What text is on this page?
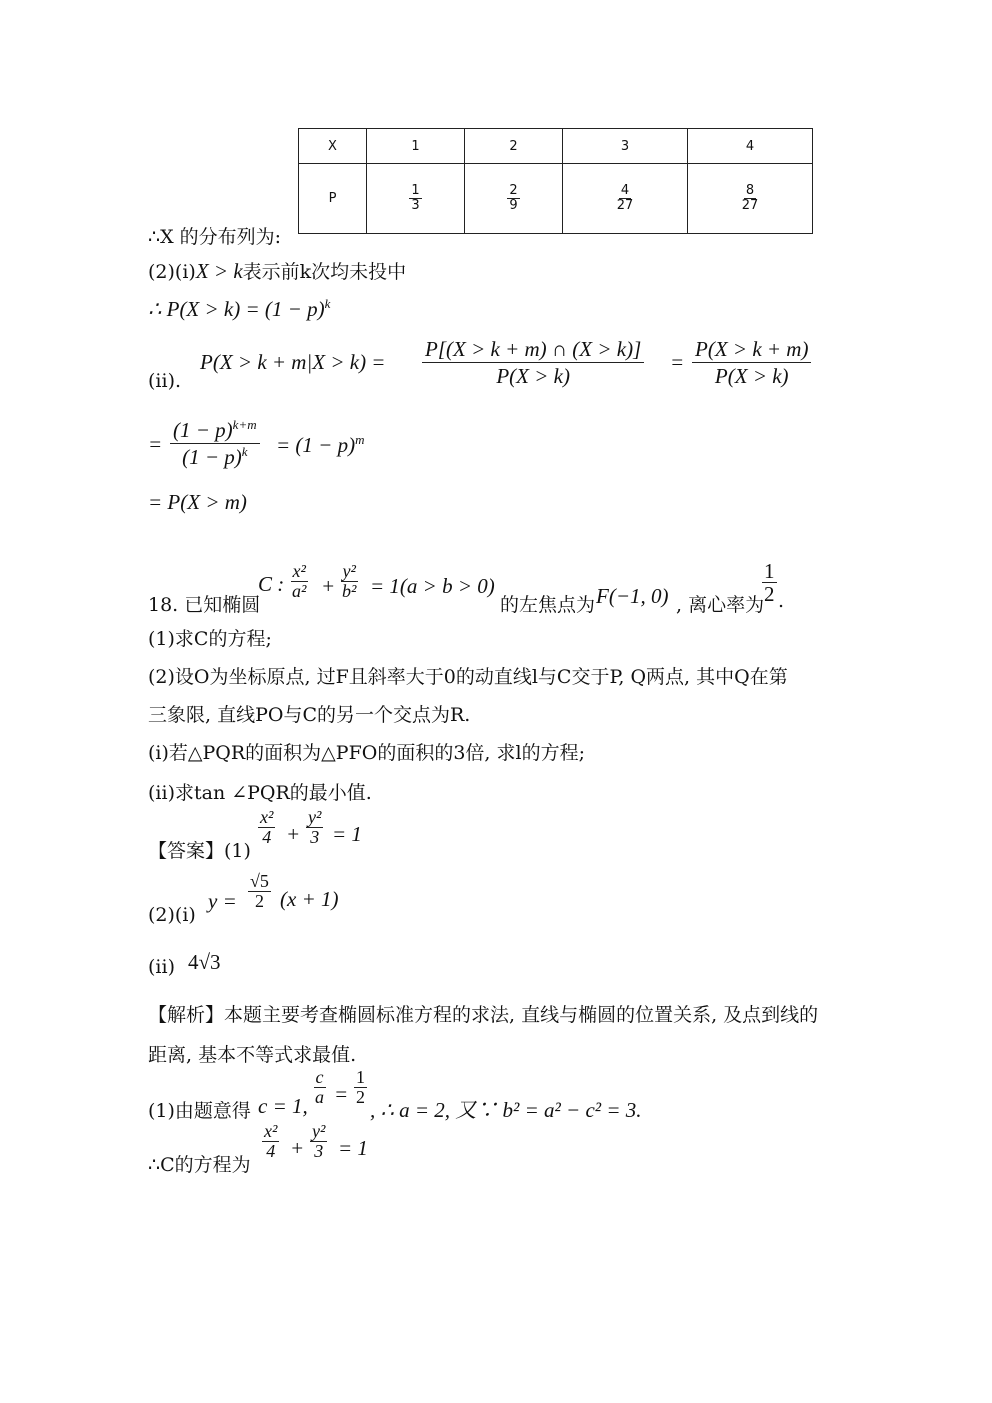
X	1	2	3	4
P	$\frac{1}{3}$	$\frac{2}{9}$	$\frac{4}{27}$	$\frac{8}{27}$
∴X 的分布列为:
(2)(i)X > k表示前k次均未投中
∴ $P(X > k) = (1 - p)^k$
(ii).
$P(X > k + m|X > k) = \frac{P[(X > k + m) \cap (X > k)]}{P(X > k)} = \frac{P(X > k + m)}{P(X > k)}$
= $\frac{(1 - p)^{k+m}}{(1 - p)^k} = (1 - p)^m$
= P(X > m)
18. 已知椭圆
C : $\frac{\text{x²}}{\text{a²}} + \frac{\text{y²}}{\text{b²}} = 1(a > b > 0)$
的左焦点为 F(−1, 0) , 离心率为
$\frac{1}{2}$ .
(1)求C的方程;
(2)设O为坐标原点, 过F且斜率大于0的动直线l与C交于P, Q两点, 其中Q在第
三象限, 直线PO与C的另一个交点为R.
(i)若△PQR的面积为△PFO的面积的3倍, 求l的方程;
(ii)求tan ∠PQR的最小值.
【答案】(1)
$\frac{\text{x²}}{4} + \frac{\text{y²}}{3} = 1$
(2)(i)
$y = \frac{√5}{2} (x + 1)$
(ii) 4√3
【解析】本题主要考查椭圆标准方程的求法, 直线与椭圆的位置关系, 及点到线的
距离, 基本不等式求最值.
(1)由题意得 c = 1, $\frac{c}{a} = \frac{1}{2}$
, ∴ a = 2, 又∵ b² = a² − c² = 3.
∴C的方程为
$\frac{\text{x²}}{4} + \frac{\text{y²}}{3} = 1$
